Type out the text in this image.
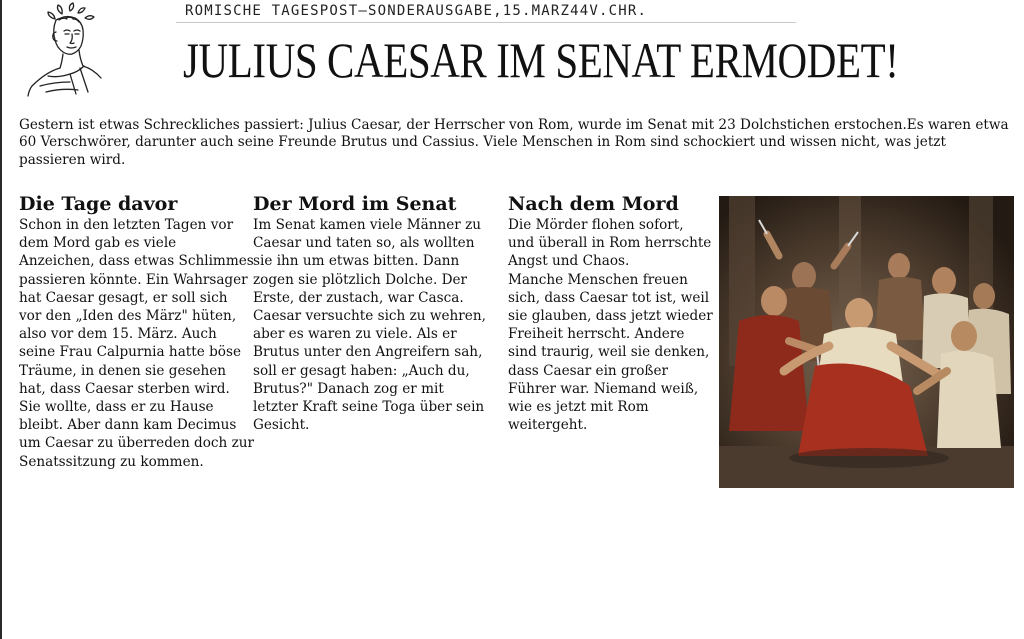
ROMISCHE TAGESPOST–SONDERAUSGABE,15.MARZ44V.CHR.
JULIUS CAESAR IM SENAT ERMODET!

Gestern ist etwas Schreckliches passiert: Julius Caesar, der Herrscher von Rom, wurde im Senat mit 23 Dolchstichen erstochen.Es waren etwa 60 Verschwörer, darunter auch seine Freunde Brutus und Cassius. Viele Menschen in Rom sind schockiert und wissen nicht, was jetzt passieren wird.

Die Tage davor

Schon in den letzten Tagen vor dem Mord gab es viele Anzeichen, dass etwas Schlimmes passieren könnte. Ein Wahrsager hat Caesar gesagt, er soll sich vor den „Iden des März" hüten, also vor dem 15. März. Auch seine Frau Calpurnia hatte böse Träume, in denen sie gesehen hat, dass Caesar sterben wird. Sie wollte, dass er zu Hause bleibt. Aber dann kam Decimus um Caesar zu überreden doch zur Senatssitzung zu kommen.

Der Mord im Senat

Im Senat kamen viele Männer zu Caesar und taten so, als wollten sie ihn um etwas bitten. Dann zogen sie plötzlich Dolche. Der Erste, der zustach, war Casca. Caesar versuchte sich zu wehren, aber es waren zu viele. Als er Brutus unter den Angreifern sah, soll er gesagt haben: „Auch du, Brutus?" Danach zog er mit letzter Kraft seine Toga über sein Gesicht.

Nach dem Mord

Die Mörder flohen sofort, und überall in Rom herrschte Angst und Chaos.
Manche Menschen freuen sich, dass Caesar tot ist, weil sie glauben, dass jetzt wieder Freiheit herrscht. Andere sind traurig, weil sie denken, dass Caesar ein großer Führer war. Niemand weiß, wie es jetzt mit Rom weitergeht.
